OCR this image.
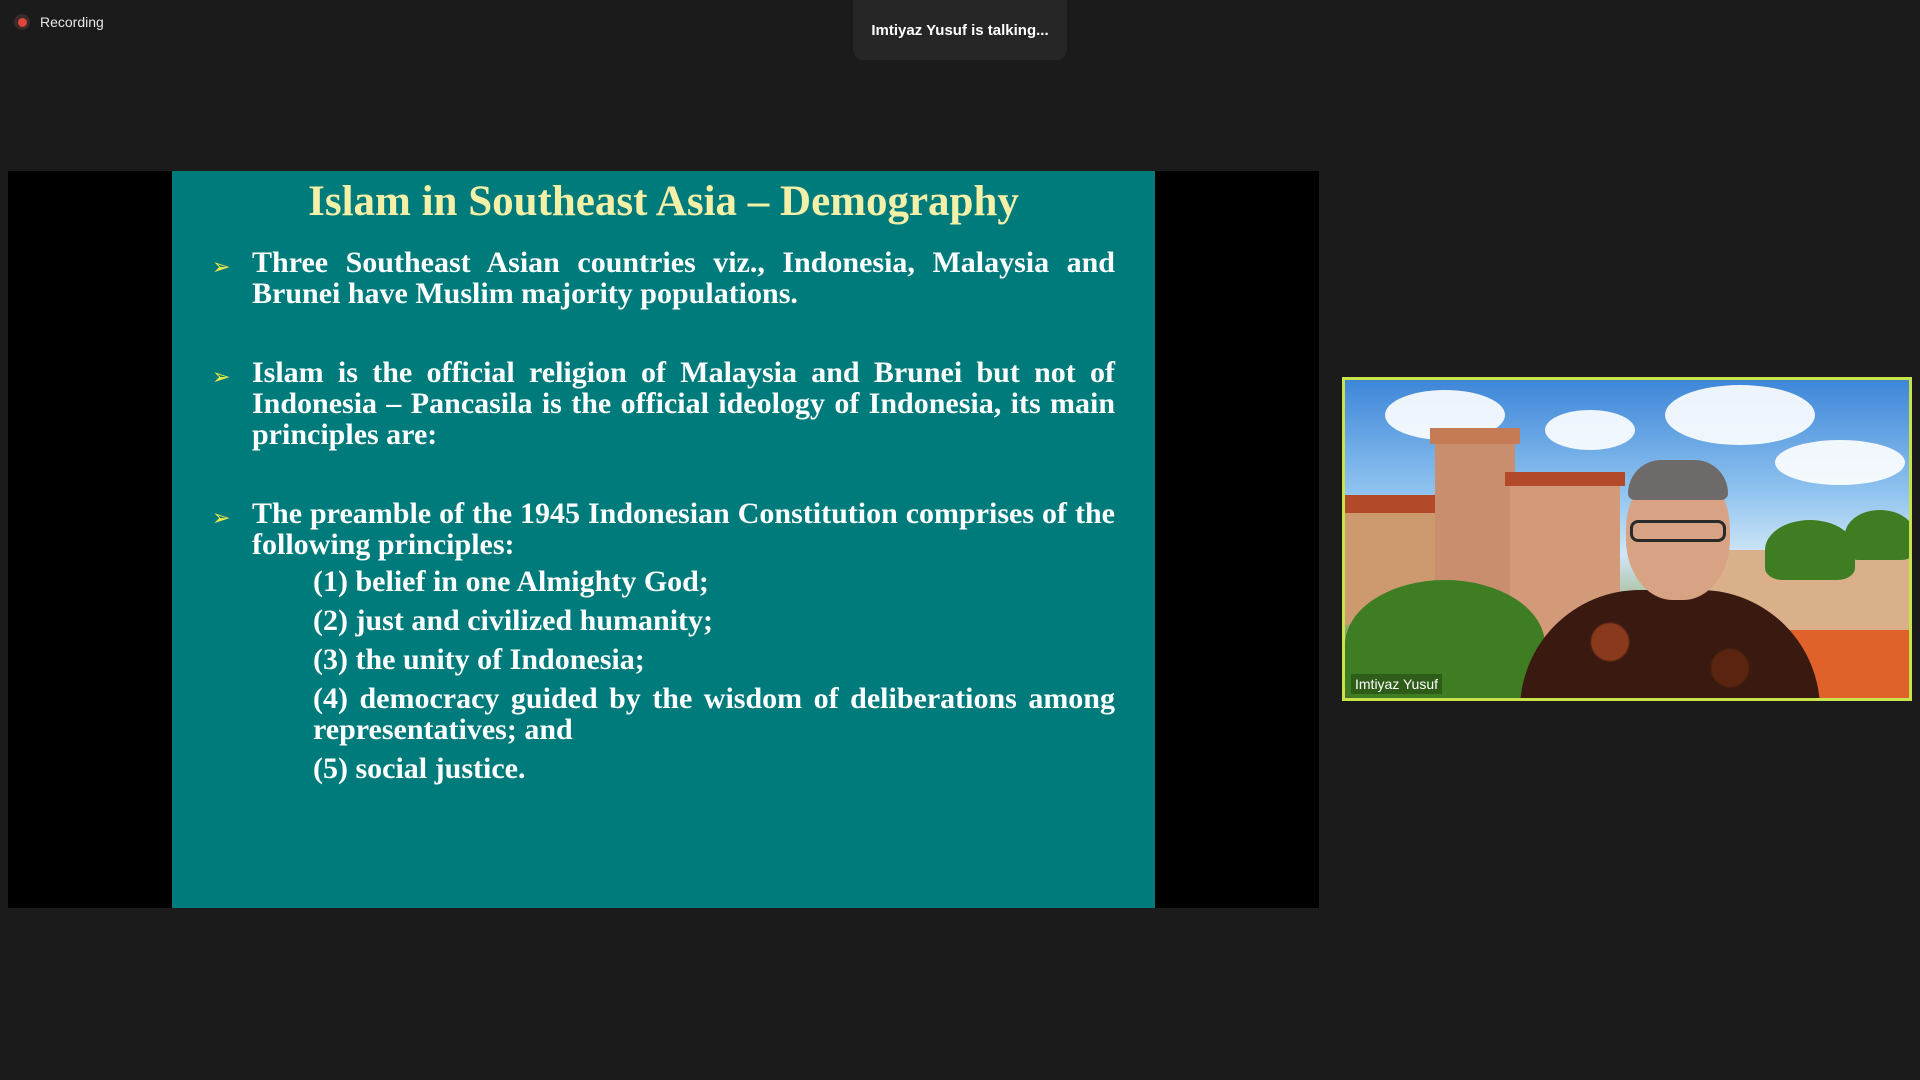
Recording	Imtiyaz Yusuf is talking...
Islam in Southeast Asia – Demography
➢ Three Southeast Asian countries viz., Indonesia, Malaysia and Brunei have Muslim majority populations.
➢ Islam is the official religion of Malaysia and Brunei but not of Indonesia – Pancasila is the official ideology of Indonesia, its main principles are:
➢ The preamble of the 1945 Indonesian Constitution comprises of the following principles:
(1) belief in one Almighty God;
(2) just and civilized humanity;
(3) the unity of Indonesia;
(4) democracy guided by the wisdom of deliberations among representatives; and
(5) social justice.
Imtiyaz Yusuf
